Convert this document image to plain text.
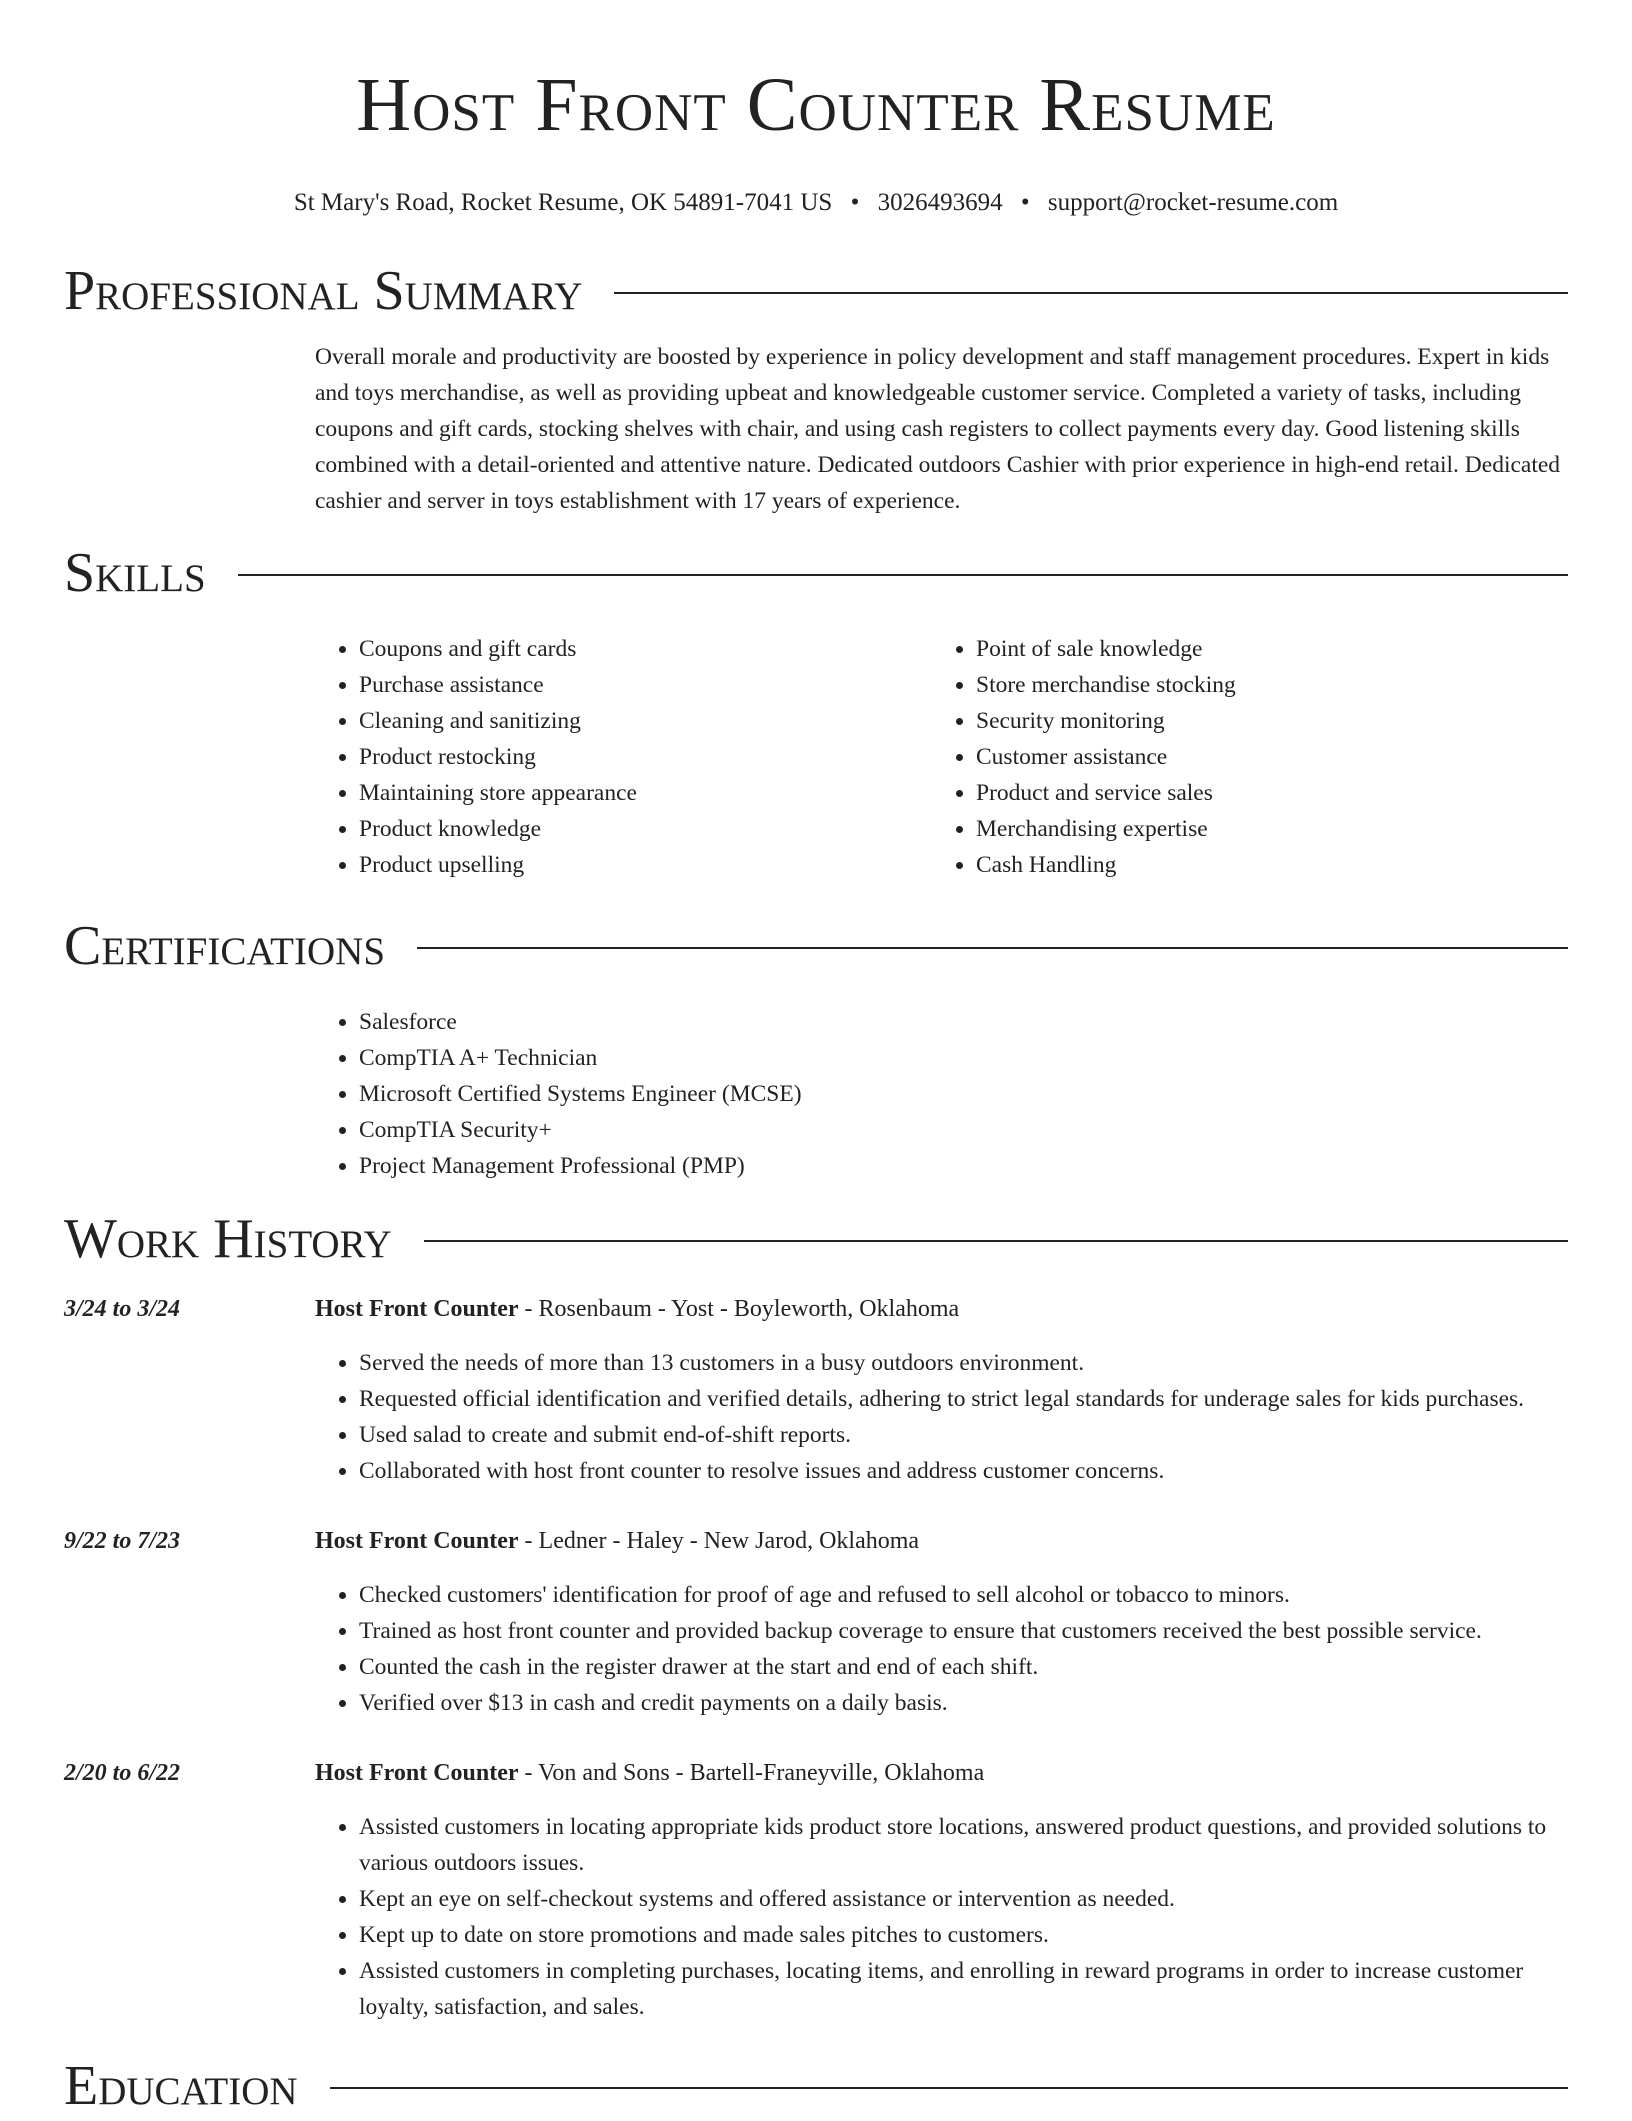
Host Front Counter Resume
St Mary's Road, Rocket Resume, OK 54891-7041 US • 3026493694 • support@rocket-resume.com
Professional Summary

Overall morale and productivity are boosted by experience in policy development and staff management procedures. Expert in kids and toys merchandise, as well as providing upbeat and knowledgeable customer service. Completed a variety of tasks, including coupons and gift cards, stocking shelves with chair, and using cash registers to collect payments every day. Good listening skills combined with a detail-oriented and attentive nature. Dedicated outdoors Cashier with prior experience in high-end retail. Dedicated cashier and server in toys establishment with 17 years of experience.

Skills
• Coupons and gift cards
• Purchase assistance
• Cleaning and sanitizing
• Product restocking
• Maintaining store appearance
• Product knowledge
• Product upselling
• Point of sale knowledge
• Store merchandise stocking
• Security monitoring
• Customer assistance
• Product and service sales
• Merchandising expertise
• Cash Handling
Certifications
• Salesforce
• CompTIA A+ Technician
• Microsoft Certified Systems Engineer (MCSE)
• CompTIA Security+
• Project Management Professional (PMP)
Work History
3/24 to 3/24	Host Front Counter - Rosenbaum - Yost - Boyleworth, Oklahoma
• Served the needs of more than 13 customers in a busy outdoors environment.
• Requested official identification and verified details, adhering to strict legal standards for underage sales for kids purchases.
• Used salad to create and submit end-of-shift reports.
• Collaborated with host front counter to resolve issues and address customer concerns.
9/22 to 7/23	Host Front Counter - Ledner - Haley - New Jarod, Oklahoma
• Checked customers' identification for proof of age and refused to sell alcohol or tobacco to minors.
• Trained as host front counter and provided backup coverage to ensure that customers received the best possible service.
• Counted the cash in the register drawer at the start and end of each shift.
• Verified over $13 in cash and credit payments on a daily basis.
2/20 to 6/22	Host Front Counter - Von and Sons - Bartell-Franeyville, Oklahoma
• Assisted customers in locating appropriate kids product store locations, answered product questions, and provided solutions to various outdoors issues.
• Kept an eye on self-checkout systems and offered assistance or intervention as needed.
• Kept up to date on store promotions and made sales pitches to customers.
• Assisted customers in completing purchases, locating items, and enrolling in reward programs in order to increase customer loyalty, satisfaction, and sales.
Education
